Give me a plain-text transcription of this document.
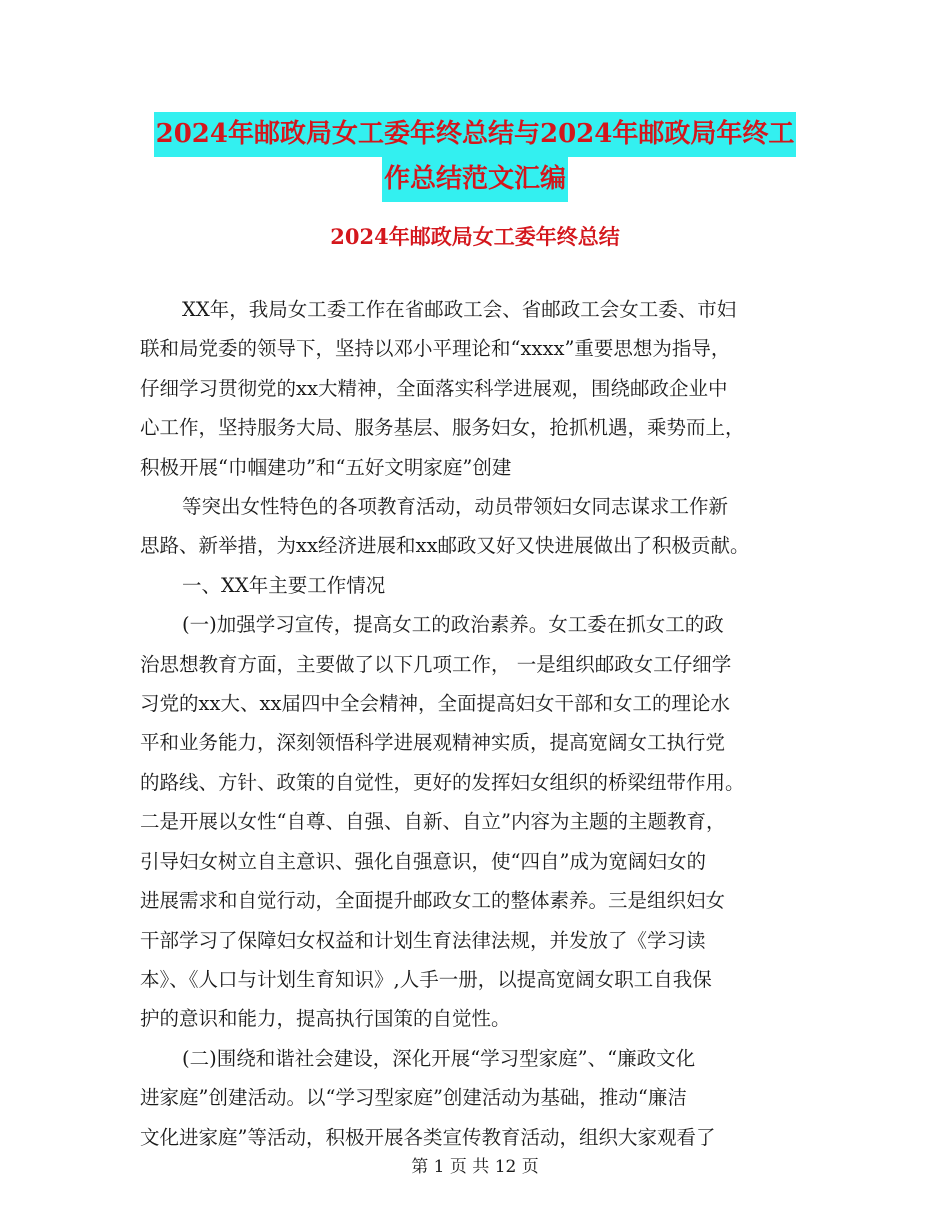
2024年邮政局女工委年终总结与2024年邮政局年终工
作总结范文汇编
2024年邮政局女工委年终总结
XX年，我局女工委工作在省邮政工会、省邮政工会女工委、市妇
联和局党委的领导下，坚持以邓小平理论和“xxxx”重要思想为指导，
仔细学习贯彻党的xx大精神，全面落实科学进展观，围绕邮政企业中
心工作，坚持服务大局、服务基层、服务妇女，抢抓机遇，乘势而上，
积极开展“巾帼建功”和“五好文明家庭”创建
等突出女性特色的各项教育活动，动员带领妇女同志谋求工作新
思路、新举措，为xx经济进展和xx邮政又好又快进展做出了积极贡献。
一、XX年主要工作情况
(一)加强学习宣传，提高女工的政治素养。女工委在抓女工的政
治思想教育方面，主要做了以下几项工作， 一是组织邮政女工仔细学
习党的xx大、xx届四中全会精神，全面提高妇女干部和女工的理论水
平和业务能力，深刻领悟科学进展观精神实质，提高宽阔女工执行党
的路线、方针、政策的自觉性，更好的发挥妇女组织的桥梁纽带作用。
二是开展以女性“自尊、自强、自新、自立”内容为主题的主题教育，
引导妇女树立自主意识、强化自强意识，使“四自”成为宽阔妇女的
进展需求和自觉行动，全面提升邮政女工的整体素养。三是组织妇女
干部学习了保障妇女权益和计划生育法律法规，并发放了《学习读
本》、《人口与计划生育知识》,人手一册，以提高宽阔女职工自我保
护的意识和能力，提高执行国策的自觉性。
(二)围绕和谐社会建设，深化开展“学习型家庭”、“廉政文化
进家庭”创建活动。以“学习型家庭”创建活动为基础，推动“廉洁
文化进家庭”等活动，积极开展各类宣传教育活动，组织大家观看了
第 1 页 共 12 页
